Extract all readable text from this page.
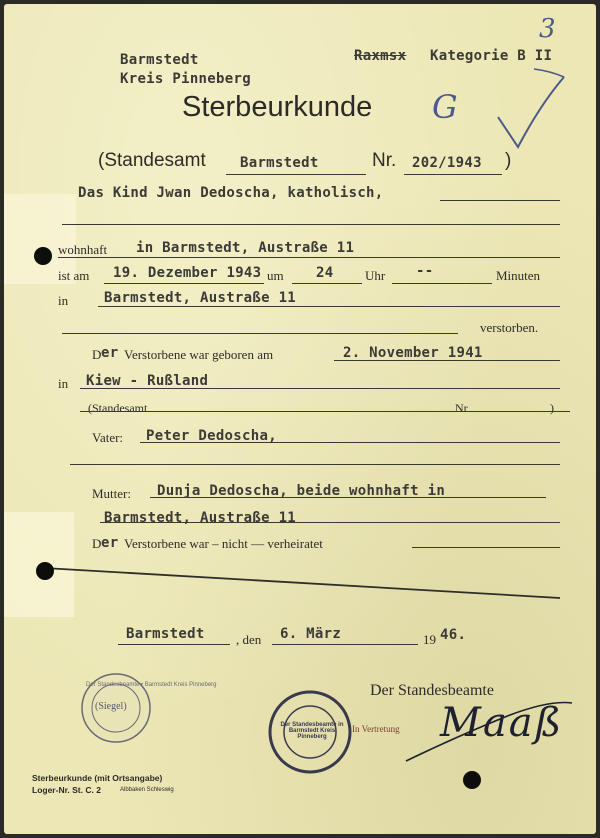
Barmstedt
Kreis Pinneberg
Raxmsx Kategorie B II
3
Sterbeurkunde G
(Standesamt Barmstedt	Nr. 202/1943 )
Das Kind Jwan Dedoscha, katholisch,
wohnhaft in Barmstedt, Austraße 11
ist am 19. Dezember 1943 um 24 Uhr --	Minuten
in	Barmstedt, Austraße 11
verstorben.
D er Verstorbene war geboren am	2. November 1941
in Kiew - Rußland
(Standesamt	Nr	)
Vater: Peter Dedoscha,
Mutter: Dunja Dedoscha, beide wohnhaft in
Barmstedt, Austraße 11
D er Verstorbene war – nicht — verheiratet
Barmstedt , den 6. März	19 46.
Der Standesbeamte
In Vertretung Maaß
(Siegel)
Der Standesbeamte • Barmstedt Kreis Pinneberg
Der Standesbeamte in Barmstedt Kreis Pinneberg
Sterbeurkunde (mit Ortsangabe)
Loger-Nr. St. C. 2	Albbaken Schleswig
